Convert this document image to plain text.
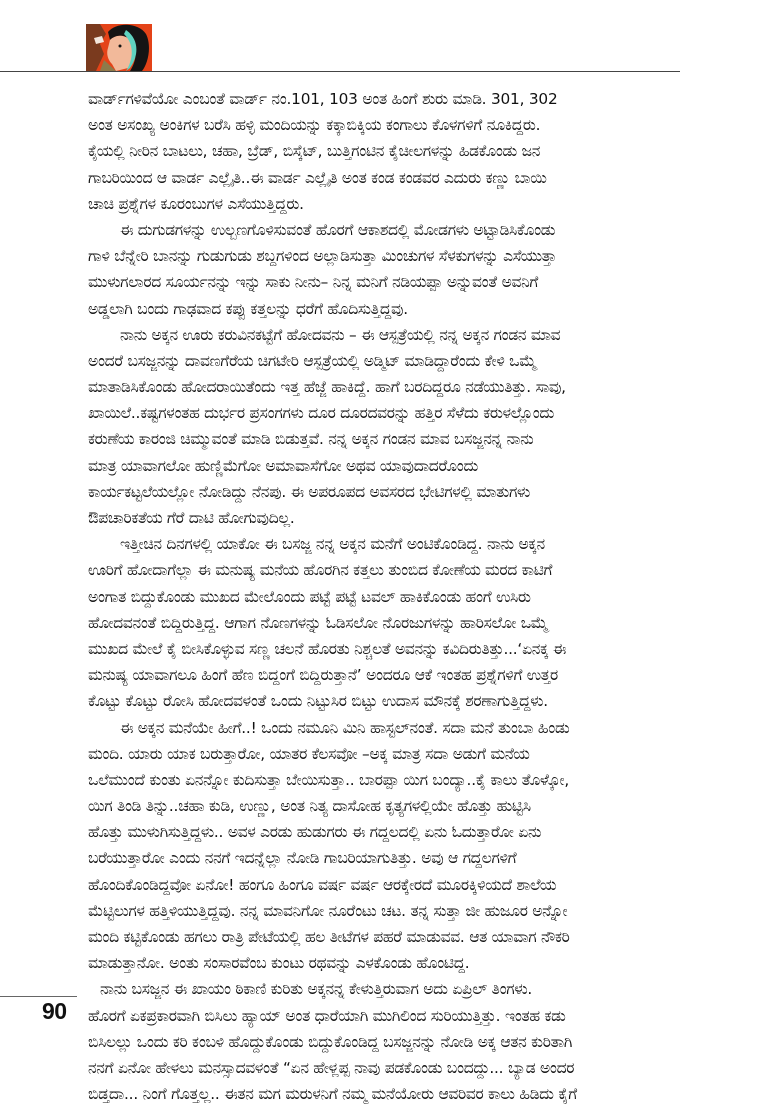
ವಾರ್ಡ್‌ಗಳಿವೆಯೋ ಎಂಬಂತೆ ವಾರ್ಡ್ ನಂ.101, 103 ಅಂತ ಹಿಂಗೆ ಶುರು ಮಾಡಿ. 301, 302
ಅಂತ ಅಸಂಖ್ಯ ಅಂಕಿಗಳ ಬರೆಸಿ ಹಳ್ಳಿ ಮಂದಿಯನ್ನು ಕಕ್ಕಾಬಿಕ್ಕಿಯ ಕಂಗಾಲು ಕೊಳಗಳಿಗೆ ನೂಕಿದ್ದರು.
ಕೈಯಲ್ಲಿ ನೀರಿನ ಬಾಟಲು, ಚಹಾ, ಬ್ರೆಡ್, ಬಿಸ್ಕೆಟ್, ಬುತ್ತಿಗಂಟಿನ ಕೈಚೀಲಗಳನ್ನು ಹಿಡಕೊಂಡು ಜನ
ಗಾಬರಿಯಿಂದ ಆ ವಾರ್ಡ ಎಲ್ಲೈತಿ..ಈ ವಾರ್ಡ ಎಲ್ಲೈತಿ ಅಂತ ಕಂಡ ಕಂಡವರ ಎದುರು ಕಣ್ಣು ಬಾಯಿ
ಚಾಚಿ ಪ್ರಶ್ನೆಗಳ ಕೂರಂಬುಗಳ ಎಸೆಯುತ್ತಿದ್ದರು.
ಈ ದುಗುಡಗಳನ್ನು ಉಲ್ಬಣಗೊಳಿಸುವಂತೆ ಹೊರಗೆ ಆಕಾಶದಲ್ಲಿ ಮೋಡಗಳು ಅಟ್ಟಾಡಿಸಿಕೊಂಡು
ಗಾಳಿ ಬೆನ್ನೇರಿ ಬಾನನ್ನು ಗುಡುಗುಡು ಶಬ್ದಗಳಿಂದ ಅಲ್ಲಾಡಿಸುತ್ತಾ ಮಿಂಚುಗಳ ಸೆಳಕುಗಳನ್ನು ಎಸೆಯುತ್ತಾ
ಮುಳುಗಲಾರದ ಸೂರ್ಯನನ್ನು ಇನ್ನು ಸಾಕು ನೀನು– ನಿನ್ನ ಮನಿಗೆ ನಡಿಯಪ್ಪಾ ಅನ್ನುವಂತೆ ಅವನಿಗೆ
ಅಡ್ಡಲಾಗಿ ಬಂದು ಗಾಢವಾದ ಕಪ್ಪು ಕತ್ತಲನ್ನು ಧರೆಗೆ ಹೊದಿಸುತ್ತಿದ್ದವು.
ನಾನು ಅಕ್ಕನ ಊರು ಕರುವಿನಕಟ್ಟೆಗೆ ಹೋದವನು – ಈ ಆಸ್ಪತ್ರೆಯಲ್ಲಿ ನನ್ನ ಅಕ್ಕನ ಗಂಡನ ಮಾವ
ಅಂದರೆ ಬಸಜ್ಜನನ್ನು ದಾವಣಗೆರೆಯ ಚಿಗಟೇರಿ ಆಸ್ಪತ್ರೆಯಲ್ಲಿ ಅಡ್ಮಿಟ್ ಮಾಡಿದ್ದಾರೆಂದು ಕೇಳಿ ಒಮ್ಮೆ
ಮಾತಾಡಿಸಿಕೊಂಡು ಹೋದರಾಯಿತೆಂದು ಇತ್ತ ಹೆಜ್ಜೆ ಹಾಕಿದ್ದೆ. ಹಾಗೆ ಬರದಿದ್ದರೂ ನಡೆಯುತಿತ್ತು. ಸಾವು,
ಖಾಯಿಲೆ..ಕಷ್ಟಗಳಂತಹ ದುರ್ಭರ ಪ್ರಸಂಗಗಳು ದೂರ ದೂರದವರನ್ನು ಹತ್ತಿರ ಸೆಳೆದು ಕರುಳಲ್ಲೊಂದು
ಕರುಣೆಯ ಕಾರಂಜಿ ಚಿಮ್ಮುವಂತೆ ಮಾಡಿ ಬಿಡುತ್ತವೆ. ನನ್ನ ಅಕ್ಕನ ಗಂಡನ ಮಾವ ಬಸಜ್ಜನನ್ನ ನಾನು
ಮಾತ್ರ ಯಾವಾಗಲೋ ಹುಣ್ಣಿಮೆಗೋ ಅಮಾವಾಸೆಗೋ ಅಥವ ಯಾವುದಾದರೊಂದು
ಕಾರ್ಯಕಟ್ಟಲೆಯಲ್ಲೋ ನೋಡಿದ್ದು ನೆನಪು. ಈ ಅಪರೂಪದ ಅವಸರದ ಭೇಟಿಗಳಲ್ಲಿ ಮಾತುಗಳು
ಔಪಚಾರಿಕತೆಯ ಗೆರೆ ದಾಟಿ ಹೋಗುವುದಿಲ್ಲ.
ಇತ್ತೀಚಿನ ದಿನಗಳಲ್ಲಿ ಯಾಕೋ ಈ ಬಸಜ್ಜ ನನ್ನ ಅಕ್ಕನ ಮನೆಗೆ ಅಂಟಿಕೊಂಡಿದ್ದ. ನಾನು ಅಕ್ಕನ
ಊರಿಗೆ ಹೋದಾಗೆಲ್ಲಾ ಈ ಮನುಷ್ಯ ಮನೆಯ ಹೊರಗಿನ ಕತ್ತಲು ತುಂಬಿದ ಕೋಣೆಯ ಮರದ ಕಾಟಿಗೆ
ಅಂಗಾತ ಬಿದ್ದುಕೊಂಡು ಮುಖದ ಮೇಲೊಂದು ಪಟ್ಟೆ ಪಟ್ಟೆ ಟವಲ್ ಹಾಕಿಕೊಂಡು ಹಂಗೆ ಉಸಿರು
ಹೋದವನಂತೆ ಬಿದ್ದಿರುತ್ತಿದ್ದ. ಆಗಾಗ ನೊಣಗಳನ್ನು ಓಡಿಸಲೋ ನೊರಜುಗಳನ್ನು ಹಾರಿಸಲೋ ಒಮ್ಮೆ
ಮುಖದ ಮೇಲೆ ಕೈ ಬೀಸಿಕೊಳ್ಳುವ ಸಣ್ಣ ಚಲನೆ ಹೊರತು ನಿಶ್ಚಲತೆ ಅವನನ್ನು ಕವಿದಿರುತಿತ್ತು...‘ಏನಕ್ಕ ಈ
ಮನುಷ್ಯ ಯಾವಾಗಲೂ ಹಿಂಗೆ ಹೆಣ ಬಿದ್ದಂಗೆ ಬಿದ್ದಿರುತ್ತಾನೆ’ ಅಂದರೂ ಆಕೆ ಇಂತಹ ಪ್ರಶ್ನೆಗಳಿಗೆ ಉತ್ತರ
ಕೊಟ್ಟು ಕೊಟ್ಟು ರೋಸಿ ಹೋದವಳಂತೆ ಒಂದು ನಿಟ್ಟುಸಿರ ಬಿಟ್ಟು ಉದಾಸ ಮೌನಕ್ಕೆ ಶರಣಾಗುತ್ತಿದ್ದಳು.
ಈ ಅಕ್ಕನ ಮನೆಯೇ ಹೀಗೆ..! ಒಂದು ನಮೂನಿ ಮಿನಿ ಹಾಸ್ಟಲ್‌ನಂತೆ. ಸದಾ ಮನೆ ತುಂಬಾ ಹಿಂಡು
ಮಂದಿ. ಯಾರು ಯಾಕ ಬರುತ್ತಾರೋ, ಯಾತರ ಕೆಲಸವೋ –ಅಕ್ಕ ಮಾತ್ರ ಸದಾ ಅಡುಗೆ ಮನೆಯ
ಒಲೆಮುಂದೆ ಕುಂತು ಏನನ್ನೋ ಕುದಿಸುತ್ತಾ ಬೇಯಿಸುತ್ತಾ.. ಬಾರಪ್ಪಾ ಯಿಗ ಬಂದ್ಯಾ..ಕೈ ಕಾಲು ತೊಳ್ಕೋ,
ಯಿಗ ತಿಂಡಿ ತಿನ್ನು..ಚಹಾ ಕುಡಿ, ಉಣ್ಣು, ಅಂತ ನಿತ್ಯ ದಾಸೋಹ ಕೃತ್ಯಗಳಲ್ಲಿಯೇ ಹೊತ್ತು ಹುಟ್ಟಿಸಿ
ಹೊತ್ತು ಮುಳುಗಿಸುತ್ತಿದ್ದಳು.. ಅವಳ ಎರಡು ಹುಡುಗರು ಈ ಗದ್ದಲದಲ್ಲಿ ಏನು ಓದುತ್ತಾರೋ ಏನು
ಬರೆಯುತ್ತಾರೋ ಎಂದು ನನಗೆ ಇದನ್ನೆಲ್ಲಾ ನೋಡಿ ಗಾಬರಿಯಾಗುತಿತ್ತು. ಅವು ಆ ಗದ್ದಲಗಳಿಗೆ
ಹೊಂದಿಕೊಂಡಿದ್ದವೋ ಏನೋ! ಹಂಗೂ ಹಿಂಗೂ ವರ್ಷ ವರ್ಷ ಆರಕ್ಕೇರದೆ ಮೂರಕ್ಕಿಳಿಯದೆ ಶಾಲೆಯ
ಮೆಟ್ಟಿಲುಗಳ ಹತ್ತಿಳಿಯುತ್ತಿದ್ದವು. ನನ್ನ ಮಾವನಿಗೋ ನೂರೆಂಟು ಚಟ. ತನ್ನ ಸುತ್ತಾ ಜೀ ಹುಜೂರ ಅನ್ನೋ
ಮಂದಿ ಕಟ್ಟಿಕೊಂಡು ಹಗಲು ರಾತ್ರಿ ಪೇಟೆಯಲ್ಲಿ ಹಲ ತೀಟೆಗಳ ಪಹರೆ ಮಾಡುವವ. ಆತ ಯಾವಾಗ ನೌಕರಿ
ಮಾಡುತ್ತಾನೋ. ಅಂತು ಸಂಸಾರವೆಂಬ ಕುಂಟು ರಥವನ್ನು ಎಳಕೊಂಡು ಹೊಂಟಿದ್ದ.
ನಾನು ಬಸಜ್ಜನ ಈ ಖಾಯಂ ಠಿಕಾಣಿ ಕುರಿತು ಅಕ್ಕನನ್ನ ಕೇಳುತ್ತಿರುವಾಗ ಅದು ಏಪ್ರಿಲ್ ತಿಂಗಳು.
ಹೊರಗೆ ಏಕಪ್ರಕಾರವಾಗಿ ಬಿಸಿಲು ಹ್ಯಾಯ್ ಅಂತ ಧಾರೆಯಾಗಿ ಮುಗಿಲಿಂದ ಸುರಿಯುತ್ತಿತ್ತು. ಇಂತಹ ಕಡು
ಬಿಸಿಲಲ್ಲು ಒಂದು ಕರಿ ಕಂಬಳಿ ಹೊದ್ದುಕೊಂಡು ಬಿದ್ದುಕೊಂಡಿದ್ದ ಬಸಜ್ಜನನ್ನು ನೋಡಿ ಅಕ್ಕ ಆತನ ಕುರಿತಾಗಿ
ನನಗೆ ಏನೋ ಹೇಳಲು ಮನಸ್ಸಾದವಳಂತೆ “ಏನ ಹೇಳ್ಲಪ್ಪ ನಾವು ಪಡಕೊಂಡು ಬಂದದ್ದು... ಬ್ಯಾಡ ಅಂದರ
ಬಿಡ್ತದಾ... ನಿಂಗೆ ಗೊತ್ತಲ್ಲ.. ಈತನ ಮಗ ಮರುಳನಿಗೆ ನಮ್ಮ ಮನೆಯೋರು ಆವರಿವರ ಕಾಲು ಹಿಡಿದು ಕೈಗೆ
90
